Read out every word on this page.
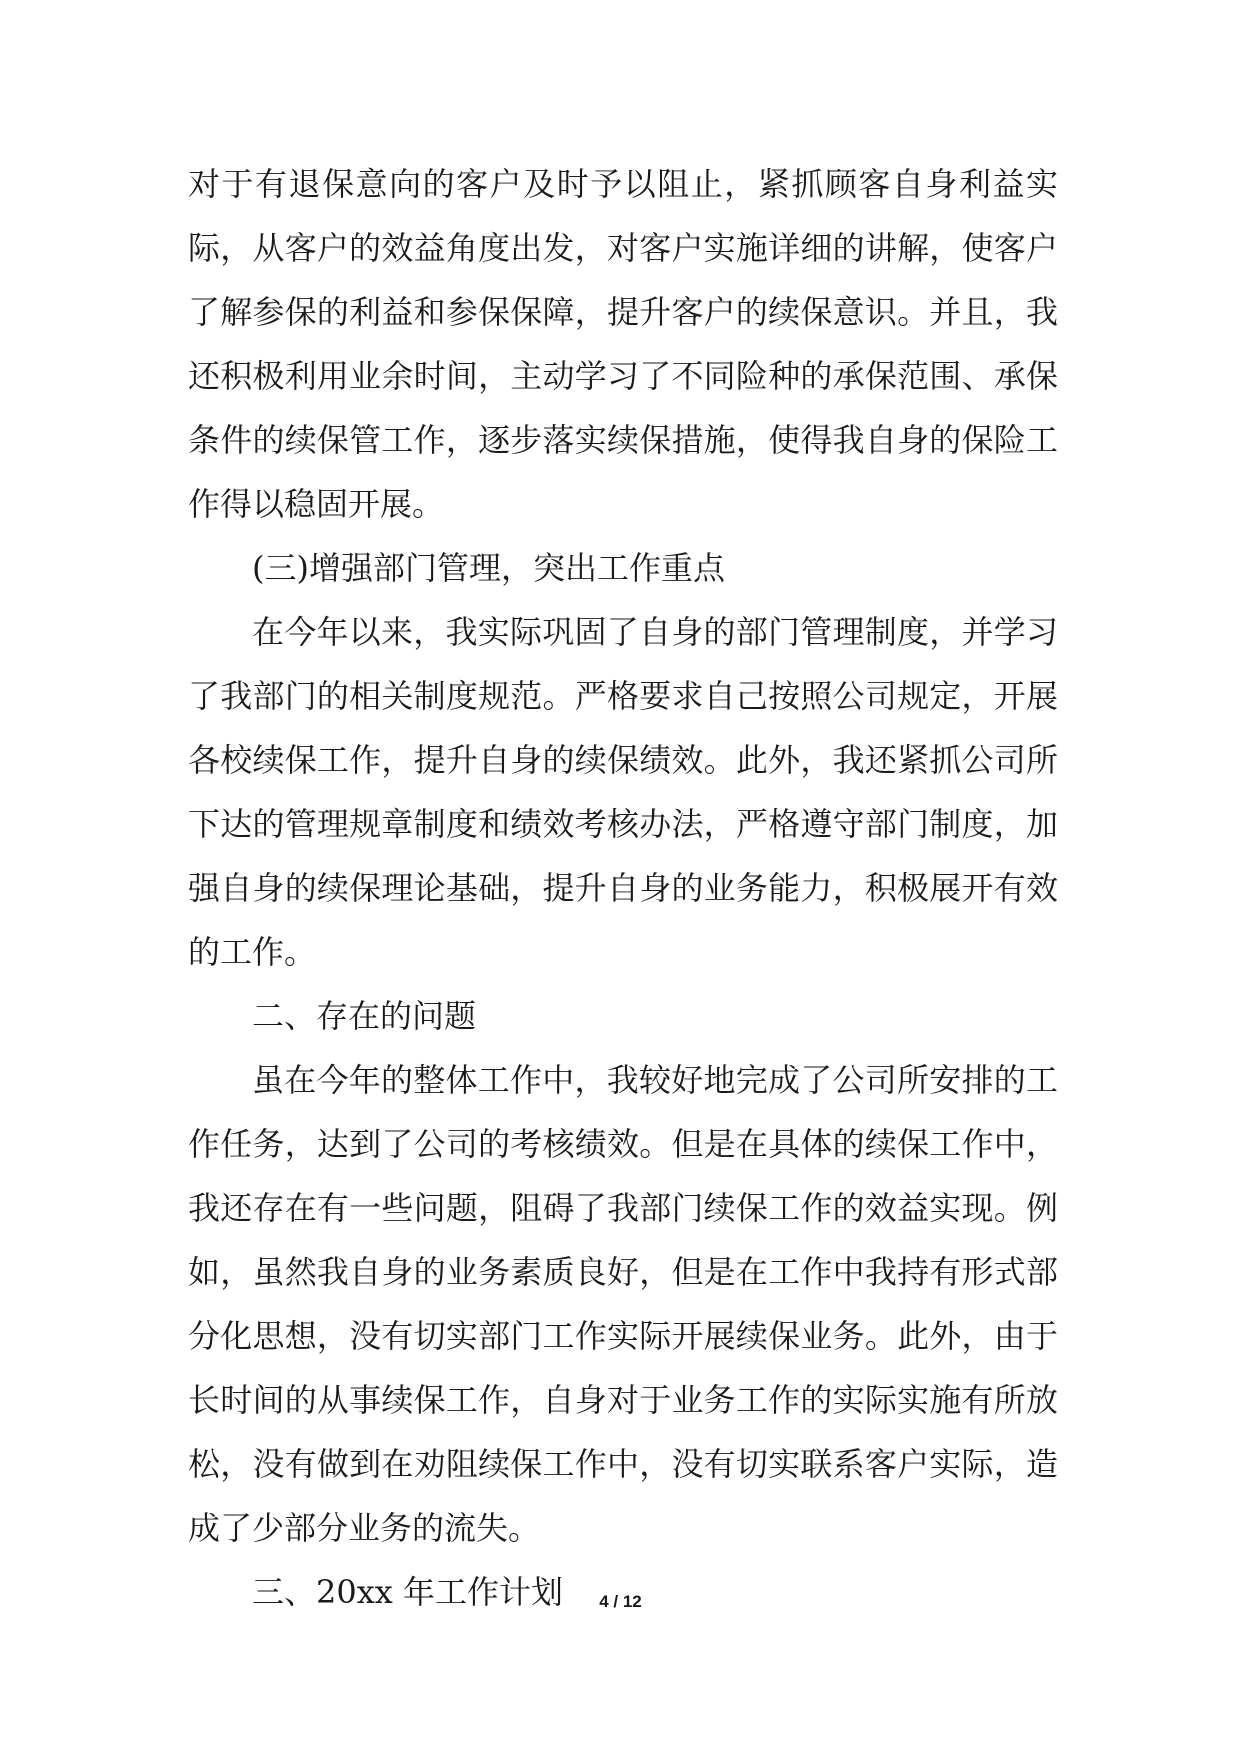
对于有退保意向的客户及时予以阻止，紧抓顾客自身利益实际，从客户的效益角度出发，对客户实施详细的讲解，使客户了解参保的利益和参保保障，提升客户的续保意识。并且，我还积极利用业余时间，主动学习了不同险种的承保范围、承保条件的续保管工作，逐步落实续保措施，使得我自身的保险工作得以稳固开展。

(三)增强部门管理，突出工作重点

在今年以来，我实际巩固了自身的部门管理制度，并学习了我部门的相关制度规范。严格要求自己按照公司规定，开展各校续保工作，提升自身的续保绩效。此外，我还紧抓公司所下达的管理规章制度和绩效考核办法，严格遵守部门制度，加强自身的续保理论基础，提升自身的业务能力，积极展开有效的工作。

二、存在的问题

虽在今年的整体工作中，我较好地完成了公司所安排的工作任务，达到了公司的考核绩效。但是在具体的续保工作中，我还存在有一些问题，阻碍了我部门续保工作的效益实现。例如，虽然我自身的业务素质良好，但是在工作中我持有形式部分化思想，没有切实部门工作实际开展续保业务。此外，由于长时间的从事续保工作，自身对于业务工作的实际实施有所放松，没有做到在劝阻续保工作中，没有切实联系客户实际，造成了少部分业务的流失。

三、20xx 年工作计划	4 / 12
